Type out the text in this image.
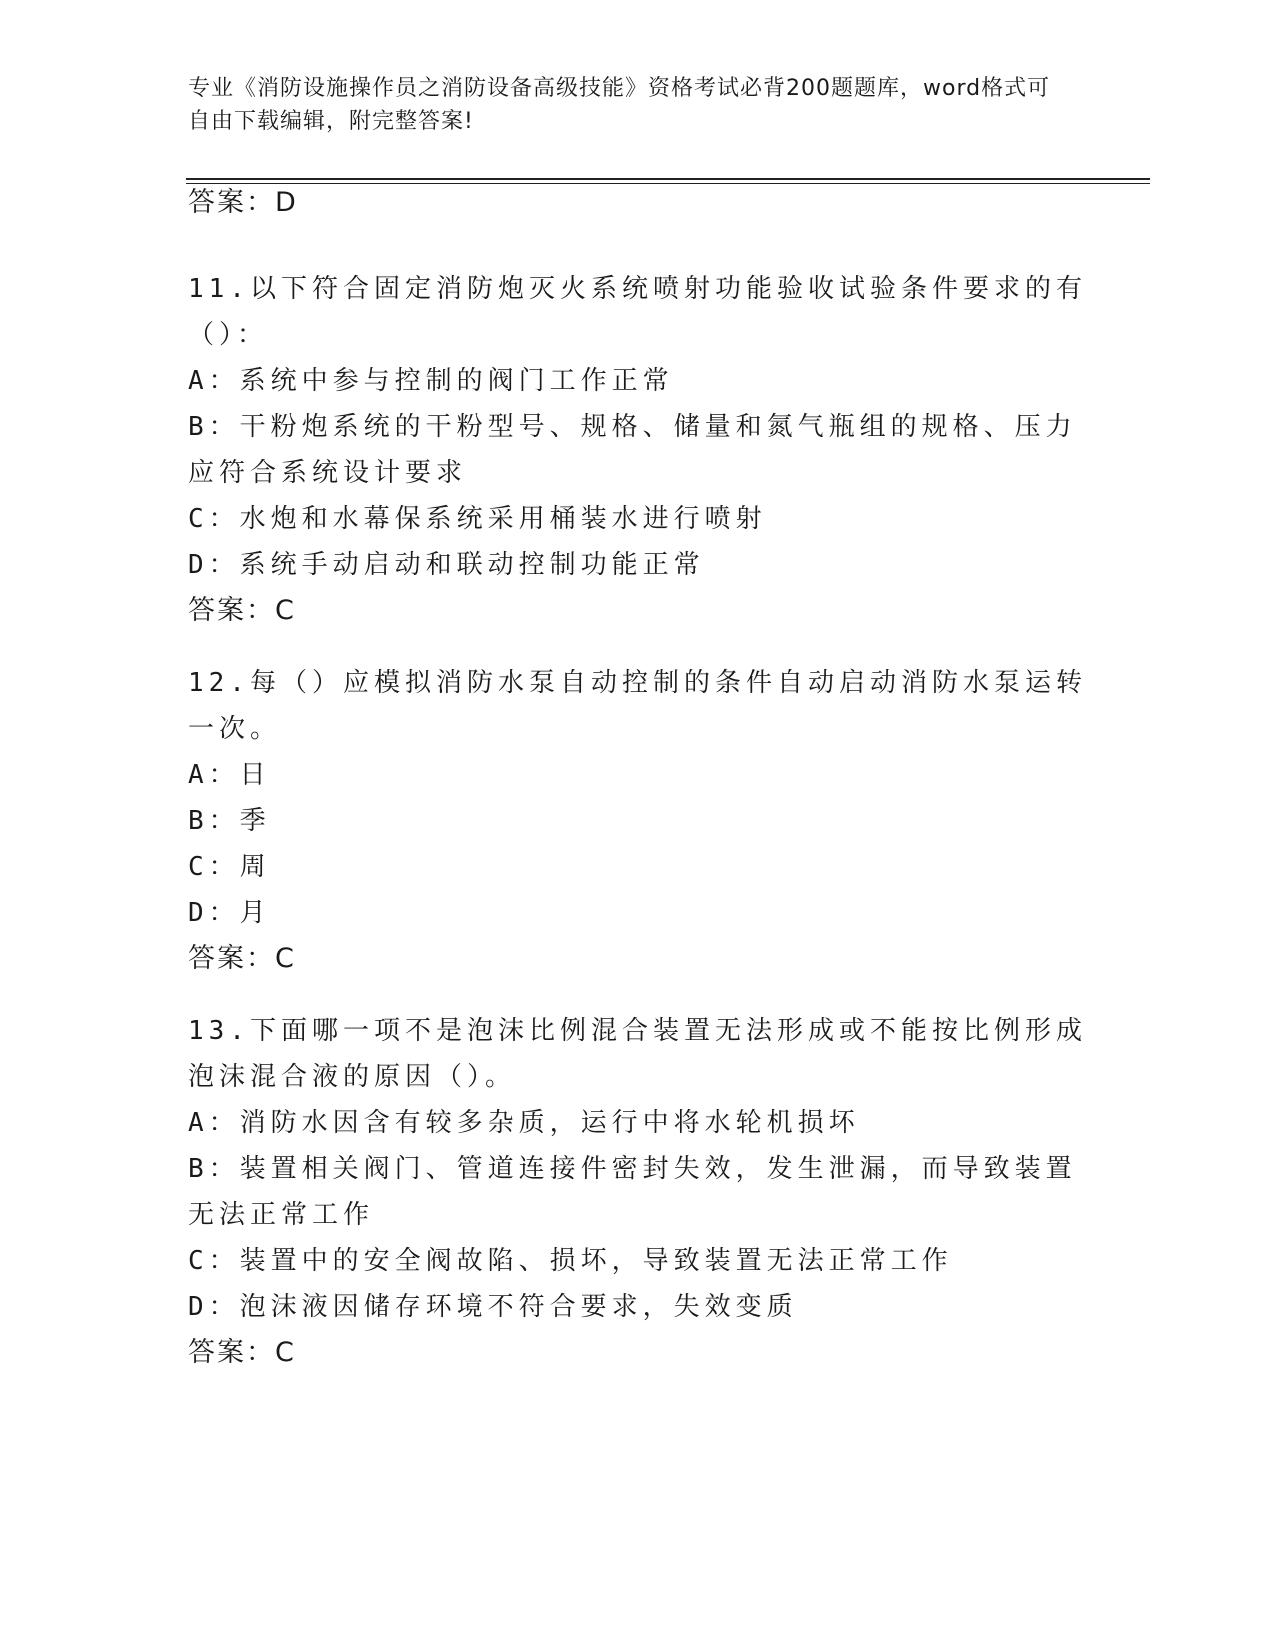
专业《消防设施操作员之消防设备高级技能》资格考试必背200题题库，word格式可自由下载编辑，附完整答案!
答案：D
11.以下符合固定消防炮灭火系统喷射功能验收试验条件要求的有（）：
A：系统中参与控制的阀门工作正常
B：干粉炮系统的干粉型号、规格、储量和氮气瓶组的规格、压力应符合系统设计要求
C：水炮和水幕保系统采用桶装水进行喷射
D：系统手动启动和联动控制功能正常
答案：C
12.每（）应模拟消防水泵自动控制的条件自动启动消防水泵运转一次。
A：日
B：季
C：周
D：月
答案：C
13.下面哪一项不是泡沫比例混合装置无法形成或不能按比例形成泡沫混合液的原因（）。
A：消防水因含有较多杂质，运行中将水轮机损坏
B：装置相关阀门、管道连接件密封失效，发生泄漏，而导致装置无法正常工作
C：装置中的安全阀故陷、损坏，导致装置无法正常工作
D：泡沫液因储存环境不符合要求，失效变质
答案：C
